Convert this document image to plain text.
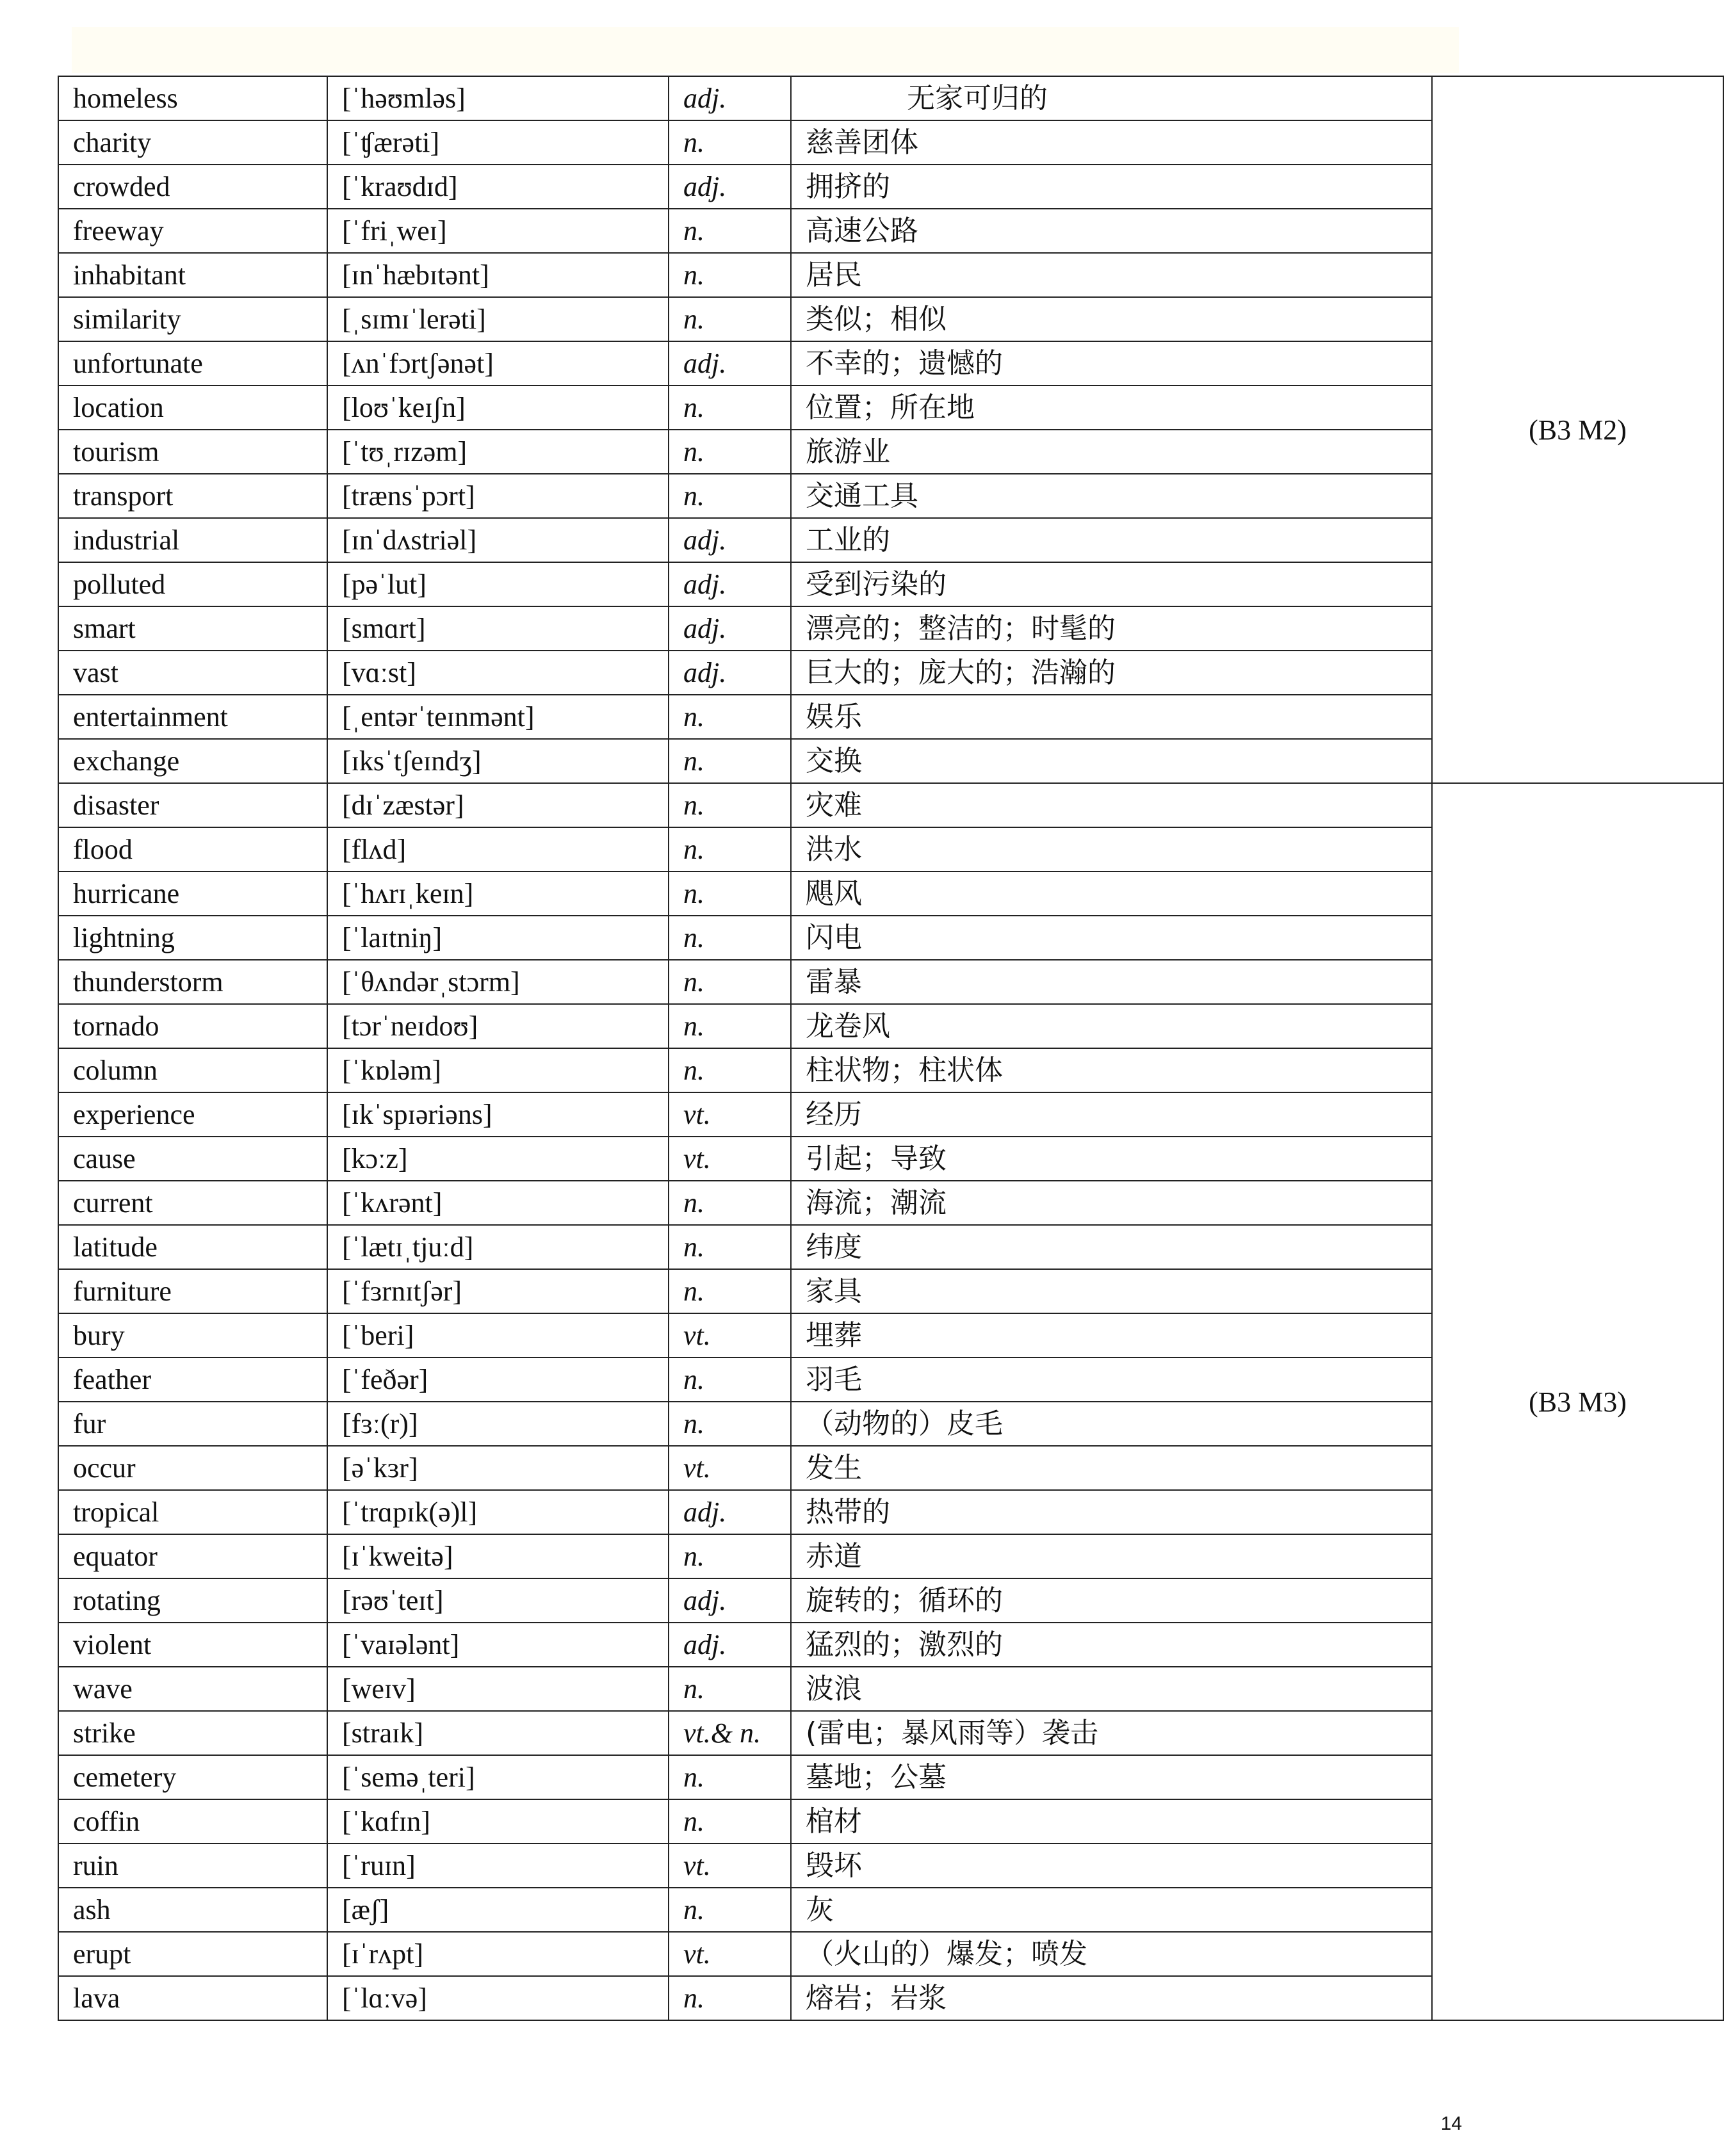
homeless	[ˈhəʊmləs]	adj.	无家可归的	(B3 M2)
charity	[ˈʧærəti]	n.	慈善团体	
crowded	[ˈkraʊdɪd]	adj.	拥挤的	
freeway	[ˈfriˌweɪ]	n.	高速公路	
inhabitant	[ɪnˈhæbɪtənt]	n.	居民	
similarity	[ˌsɪmɪˈlerəti]	n.	类似；相似	
unfortunate	[ʌnˈfɔrtʃənət]	adj.	不幸的；遗憾的	
location	[loʊˈkeɪʃn]	n.	位置；所在地	
tourism	[ˈtʊˌrɪzəm]	n.	旅游业	
transport	[trænsˈpɔrt]	n.	交通工具	
industrial	[ɪnˈdʌstriəl]	adj.	工业的	
polluted	[pəˈlut]	adj.	受到污染的	
smart	[smɑrt]	adj.	漂亮的；整洁的；时髦的	
vast	[vɑːst]	adj.	巨大的；庞大的；浩瀚的	
entertainment	[ˌentərˈteɪnmənt]	n.	娱乐	
exchange	[ɪksˈtʃeɪndʒ]	n.	交换	
disaster	[dɪˈzæstər]	n.	灾难	(B3 M3)
flood	[flʌd]	n.	洪水	
hurricane	[ˈhʌrɪˌkeɪn]	n.	飓风	
lightning	[ˈlaɪtniŋ]	n.	闪电	
thunderstorm	[ˈθʌndərˌstɔrm]	n.	雷暴	
tornado	[tɔrˈneɪdoʊ]	n.	龙卷风	
column	[ˈkɒləm]	n.	柱状物；柱状体	
experience	[ɪkˈspɪəriəns]	vt.	经历	
cause	[kɔːz]	vt.	引起；导致	
current	[ˈkʌrənt]	n.	海流；潮流	
latitude	[ˈlætɪˌtjuːd]	n.	纬度	
furniture	[ˈfɜrnɪtʃər]	n.	家具	
bury	[ˈberi]	vt.	埋葬	
feather	[ˈfeðər]	n.	羽毛	
fur	[fɜː(r)]	n.	（动物的）皮毛	
occur	[əˈkɜr]	vt.	发生	
tropical	[ˈtrɑpɪk(ə)l]	adj.	热带的	
equator	[ɪˈkweitə]	n.	赤道	
rotating	[rəʊˈteɪt]	adj.	旋转的；循环的	
violent	[ˈvaɪələnt]	adj.	猛烈的；激烈的	
wave	[weɪv]	n.	波浪	
strike	[straɪk]	vt.& n.	(雷电；暴风雨等）袭击	
cemetery	[ˈseməˌteri]	n.	墓地；公墓	
coffin	[ˈkɑfɪn]	n.	棺材	
ruin	[ˈruɪn]	vt.	毁坏	
ash	[æʃ]	n.	灰	
erupt	[ɪˈrʌpt]	vt.	（火山的）爆发；喷发	
lava	[ˈlɑːvə]	n.	熔岩；岩浆	
14
